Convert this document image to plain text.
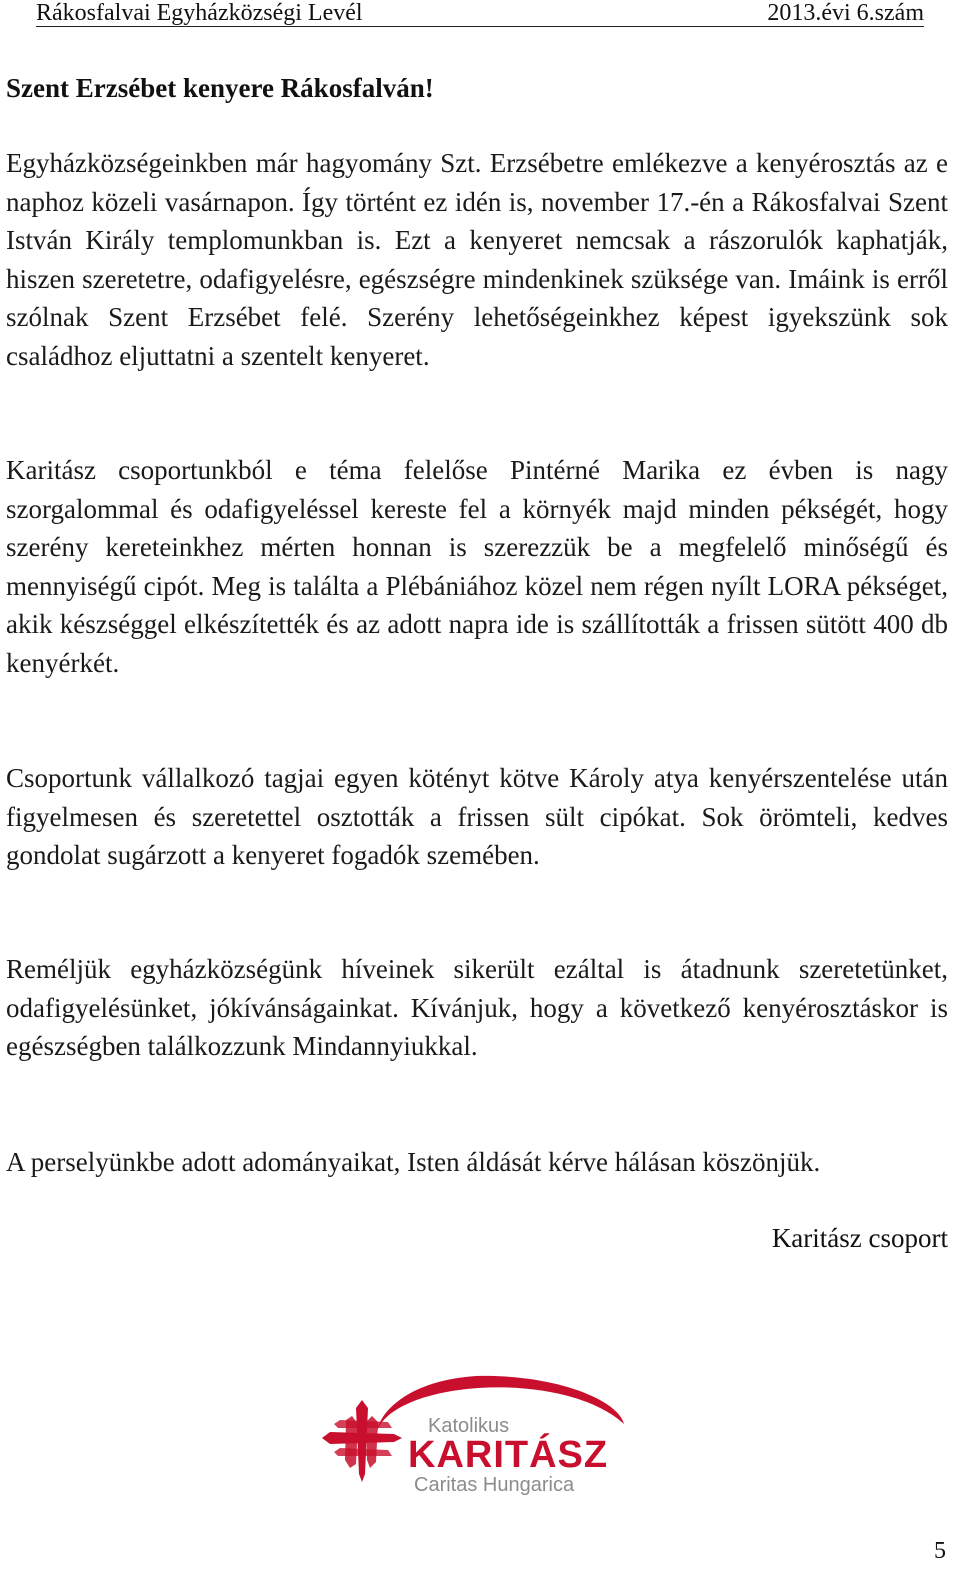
Rákosfalvai Egyházközségi Levél	2013.évi 6.szám
Szent Erzsébet kenyere Rákosfalván!
Egyházközségeinkben már hagyomány Szt. Erzsébetre emlékezve a kenyérosztás az e naphoz közeli vasárnapon. Így történt ez idén is, november 17.-én a Rákosfalvai Szent István Király templomunkban is. Ezt a kenyeret nemcsak a rászorulók kaphatják, hiszen szeretetre, odafigyelésre, egészségre mindenkinek szüksége van. Imáink is erről szólnak Szent Erzsébet felé. Szerény lehetőségeinkhez képest igyekszünk sok családhoz eljuttatni a szentelt kenyeret.
Karitász csoportunkból e téma felelőse Pintérné Marika ez évben is nagy szorgalommal és odafigyeléssel kereste fel a környék majd minden pékségét, hogy szerény kereteinkhez mérten honnan is szerezzük be a megfelelő minőségű és mennyiségű cipót. Meg is találta a Plébániához közel nem régen nyílt LORA pékséget, akik készséggel elkészítették és az adott napra ide is szállították a frissen sütött 400 db kenyérkét.
Csoportunk vállalkozó tagjai egyen kötényt kötve Károly atya kenyérszentelése után figyelmesen és szeretettel osztották a frissen sült cipókat. Sok örömteli, kedves gondolat sugárzott a kenyeret fogadók szemében.
Reméljük egyházközségünk híveinek sikerült ezáltal is átadnunk szeretetünket, odafigyelésünket, jókívánságainkat. Kívánjuk, hogy a következő kenyérosztáskor is egészségben találkozzunk Mindannyiukkal.
A perselyünkbe adott adományaikat, Isten áldását kérve hálásan köszönjük.
Karitász csoport
Katolikus
KARITÁSZ
Caritas Hungarica
5
